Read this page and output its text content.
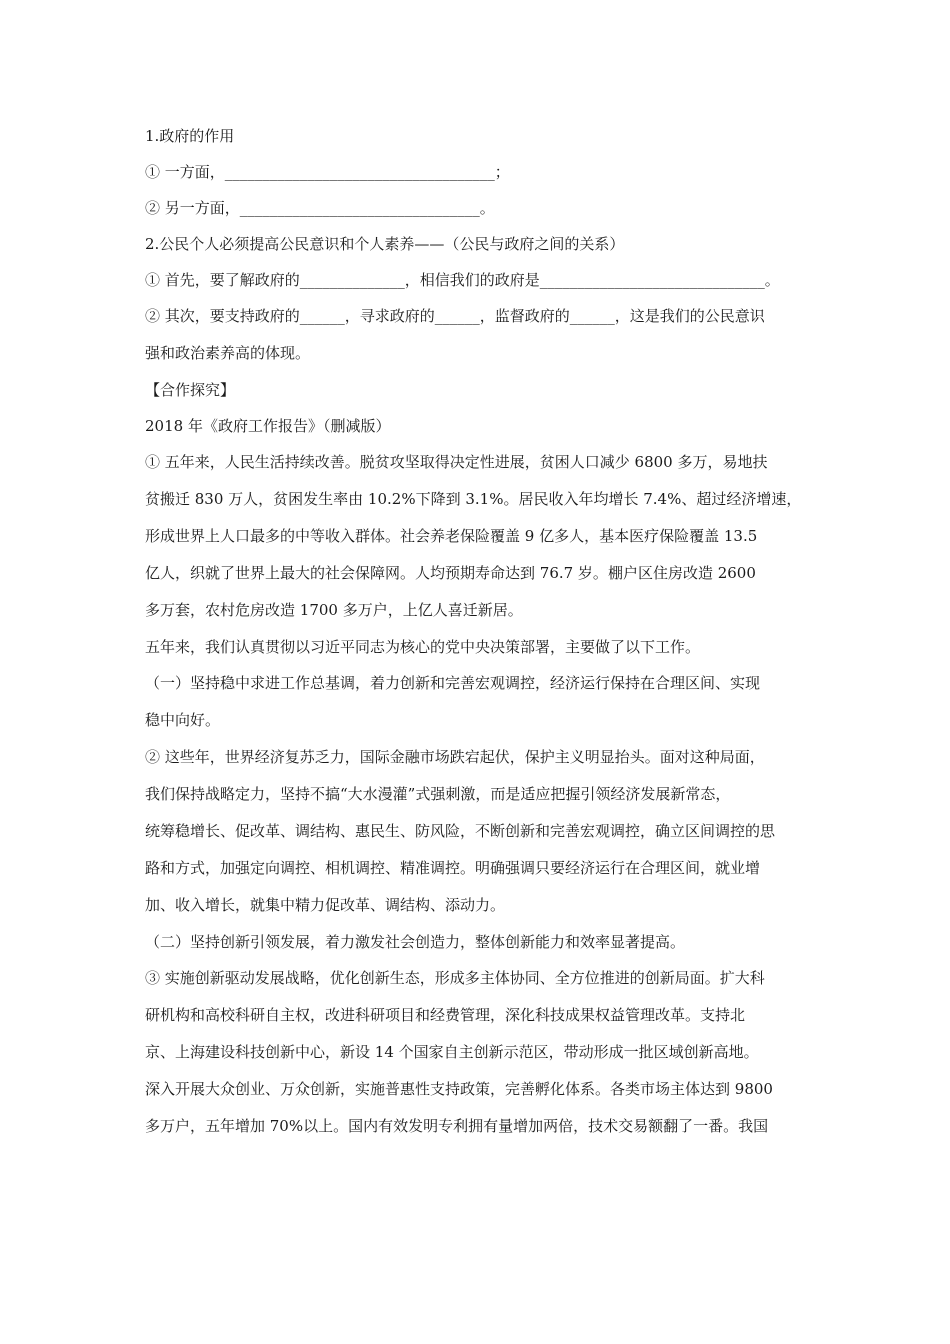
1.政府的作用
① 一方面，____________________________________；
② 另一方面，________________________________。
2.公民个人必须提高公民意识和个人素养——（公民与政府之间的关系）
① 首先，要了解政府的______________，相信我们的政府是______________________________。
② 其次，要支持政府的______，寻求政府的______，监督政府的______，这是我们的公民意识
强和政治素养高的体现。
【合作探究】
2018 年《政府工作报告》（删减版）
① 五年来，人民生活持续改善。脱贫攻坚取得决定性进展，贫困人口减少 6800 多万，易地扶
贫搬迁 830 万人，贫困发生率由 10.2%下降到 3.1%。居民收入年均增长 7.4%、超过经济增速，
形成世界上人口最多的中等收入群体。社会养老保险覆盖 9 亿多人，基本医疗保险覆盖 13.5
亿人，织就了世界上最大的社会保障网。人均预期寿命达到 76.7 岁。棚户区住房改造 2600
多万套，农村危房改造 1700 多万户，上亿人喜迁新居。
五年来，我们认真贯彻以习近平同志为核心的党中央决策部署，主要做了以下工作。
（一）坚持稳中求进工作总基调，着力创新和完善宏观调控，经济运行保持在合理区间、实现
稳中向好。
② 这些年，世界经济复苏乏力，国际金融市场跌宕起伏，保护主义明显抬头。面对这种局面，
我们保持战略定力，坚持不搞“大水漫灌”式强刺激，而是适应把握引领经济发展新常态，
统筹稳增长、促改革、调结构、惠民生、防风险，不断创新和完善宏观调控，确立区间调控的思
路和方式，加强定向调控、相机调控、精准调控。明确强调只要经济运行在合理区间，就业增
加、收入增长，就集中精力促改革、调结构、添动力。
（二）坚持创新引领发展，着力激发社会创造力，整体创新能力和效率显著提高。
③ 实施创新驱动发展战略，优化创新生态，形成多主体协同、全方位推进的创新局面。扩大科
研机构和高校科研自主权，改进科研项目和经费管理，深化科技成果权益管理改革。支持北
京、上海建设科技创新中心，新设 14 个国家自主创新示范区，带动形成一批区域创新高地。
深入开展大众创业、万众创新，实施普惠性支持政策，完善孵化体系。各类市场主体达到 9800
多万户，五年增加 70%以上。国内有效发明专利拥有量增加两倍，技术交易额翻了一番。我国
